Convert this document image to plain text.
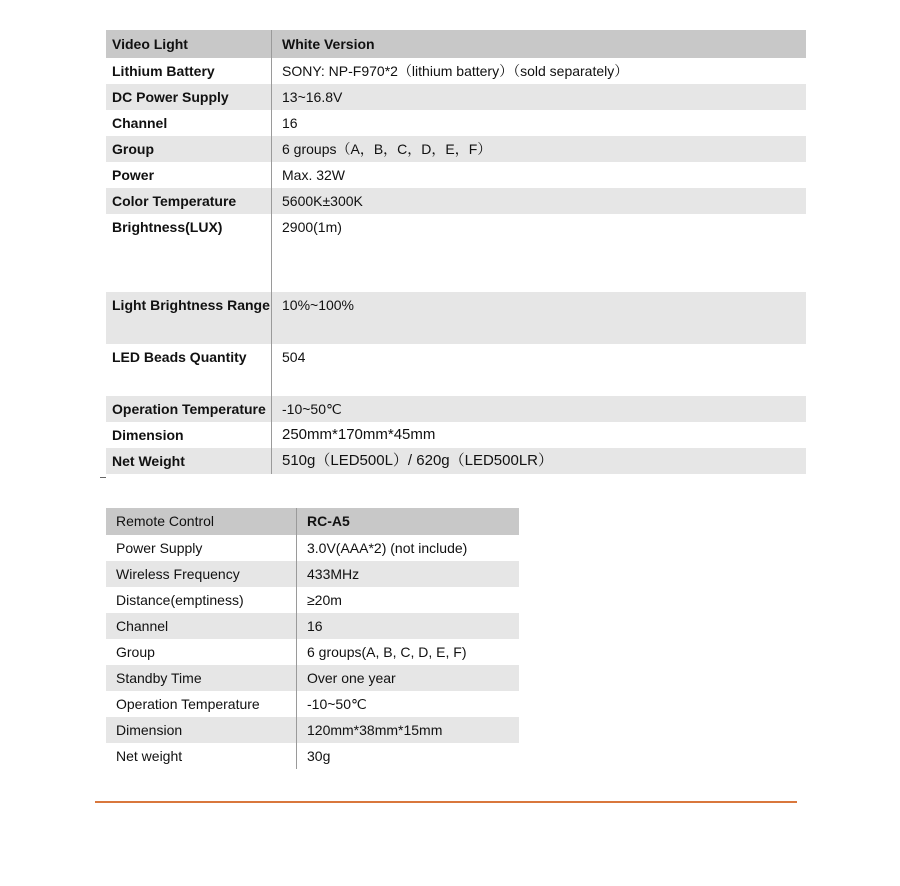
Video Light	White Version
Lithium Battery	SONY: NP-F970*2（lithium battery）（sold separately）
DC Power Supply	13~16.8V
Channel	16
Group	6 groups（A，B，C，D，E，F）
Power	Max. 32W
Color Temperature	5600K±300K
Brightness(LUX)	2900(1m)
Light Brightness Range	10%~100%
LED Beads Quantity	504
Operation Temperature	-10~50℃
Dimension	250mm*170mm*45mm
Net Weight	510g（LED500L）/ 620g（LED500LR）
Remote Control	RC-A5
Power Supply	3.0V(AAA*2) (not include)
Wireless Frequency	433MHz
Distance(emptiness)	≥20m
Channel	16
Group	6 groups(A, B, C, D, E, F)
Standby Time	Over one year
Operation Temperature	-10~50℃
Dimension	120mm*38mm*15mm
Net weight	30g
